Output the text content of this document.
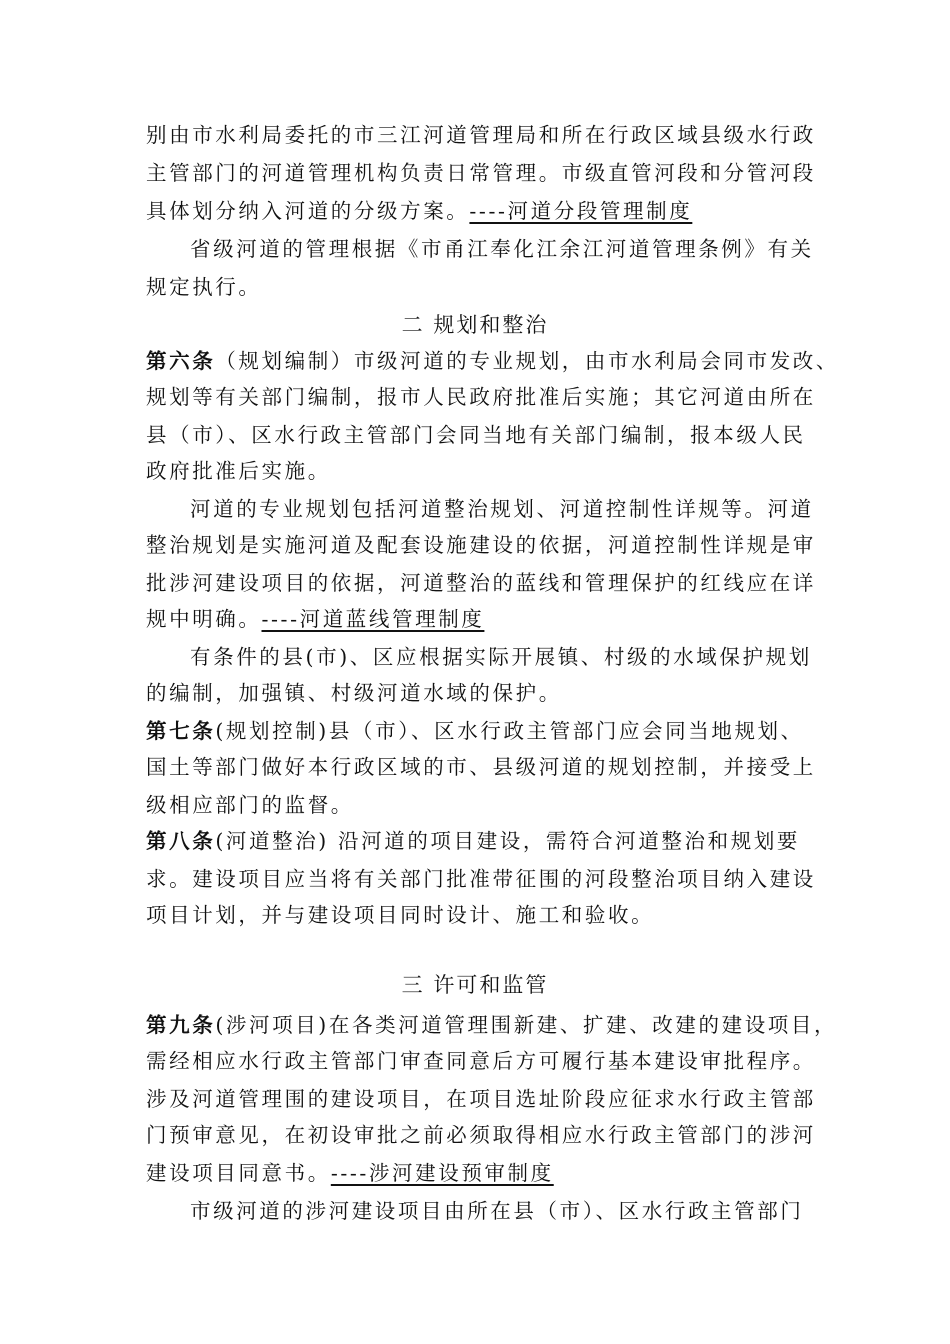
别由市水利局委托的市三江河道管理局和所在行政区域县级水行政
主管部门的河道管理机构负责日常管理。市级直管河段和分管河段
具体划分纳入河道的分级方案。----河道分段管理制度
省级河道的管理根据《市甬江奉化江余江河道管理条例》有关
规定执行。
二 规划和整治
第六条（规划编制）市级河道的专业规划，由市水利局会同市发改、
规划等有关部门编制，报市人民政府批准后实施；其它河道由所在
县（市）、区水行政主管部门会同当地有关部门编制，报本级人民
政府批准后实施。
河道的专业规划包括河道整治规划、河道控制性详规等。河道
整治规划是实施河道及配套设施建设的依据，河道控制性详规是审
批涉河建设项目的依据，河道整治的蓝线和管理保护的红线应在详
规中明确。----河道蓝线管理制度
有条件的县(市)、区应根据实际开展镇、村级的水域保护规划
的编制，加强镇、村级河道水域的保护。
第七条(规划控制)县（市）、区水行政主管部门应会同当地规划、
国土等部门做好本行政区域的市、县级河道的规划控制，并接受上
级相应部门的监督。
第八条(河道整治) 沿河道的项目建设，需符合河道整治和规划要
求。建设项目应当将有关部门批准带征围的河段整治项目纳入建设
项目计划，并与建设项目同时设计、施工和验收。
三 许可和监管
第九条(涉河项目)在各类河道管理围新建、扩建、改建的建设项目，
需经相应水行政主管部门审查同意后方可履行基本建设审批程序。
涉及河道管理围的建设项目，在项目选址阶段应征求水行政主管部
门预审意见，在初设审批之前必须取得相应水行政主管部门的涉河
建设项目同意书。----涉河建设预审制度
市级河道的涉河建设项目由所在县（市）、区水行政主管部门
